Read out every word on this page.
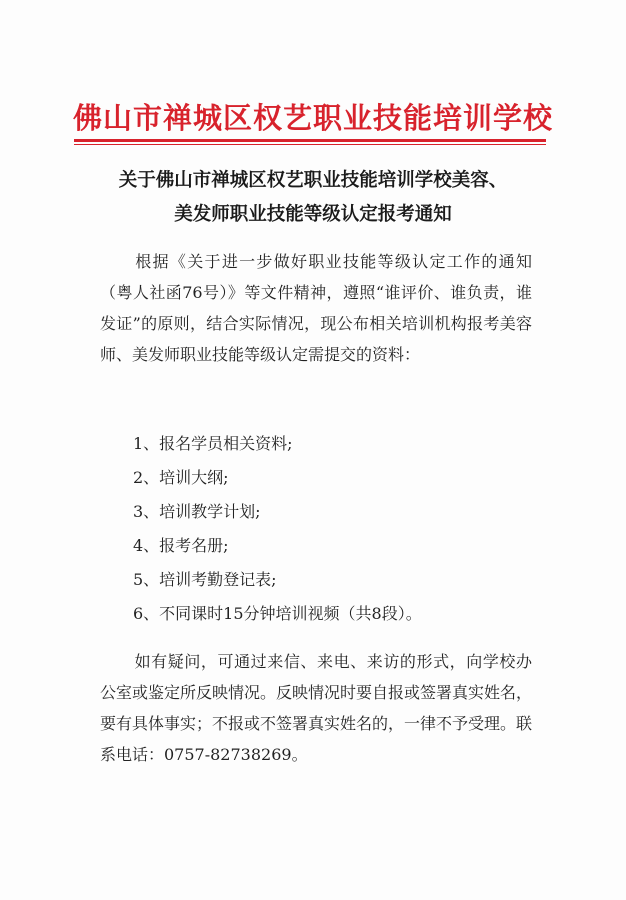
佛山市禅城区权艺职业技能培训学校
关于佛山市禅城区权艺职业技能培训学校美容、
美发师职业技能等级认定报考通知
根据《关于进一步做好职业技能等级认定工作的通知（粤人社函76号）》等文件精神，遵照“谁评价、谁负责，谁发证”的原则，结合实际情况，现公布相关培训机构报考美容师、美发师职业技能等级认定需提交的资料：
1、报名学员相关资料;
2、培训大纲;
3、培训教学计划;
4、报考名册;
5、培训考勤登记表;
6、不同课时15分钟培训视频（共8段）。
如有疑问，可通过来信、来电、来访的形式，向学校办公室或鉴定所反映情况。反映情况时要自报或签署真实姓名，要有具体事实；不报或不签署真实姓名的，一律不予受理。联系电话：0757-82738269。
